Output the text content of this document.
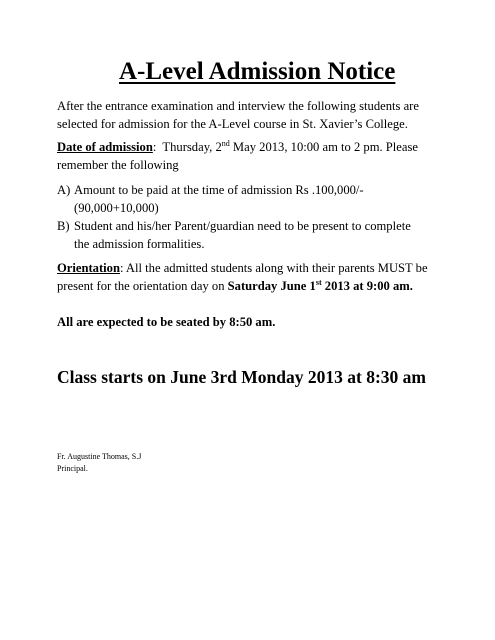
A-Level Admission Notice

After the entrance examination and interview the following students are selected for admission for the A-Level course in St. Xavier’s College.

Date of admission:  Thursday, 2nd May 2013, 10:00 am to 2 pm. Please remember the following

A) Amount to be paid at the time of admission Rs .100,000/-
(90,000+10,000)
B) Student and his/her Parent/guardian need to be present to complete
the admission formalities.

Orientation: All the admitted students along with their parents MUST be present for the orientation day on Saturday June 1st 2013 at 9:00 am.

All are expected to be seated by 8:50 am.

Class starts on June 3rd Monday 2013 at 8:30 am

Fr. Augustine Thomas, S.J
Principal.
